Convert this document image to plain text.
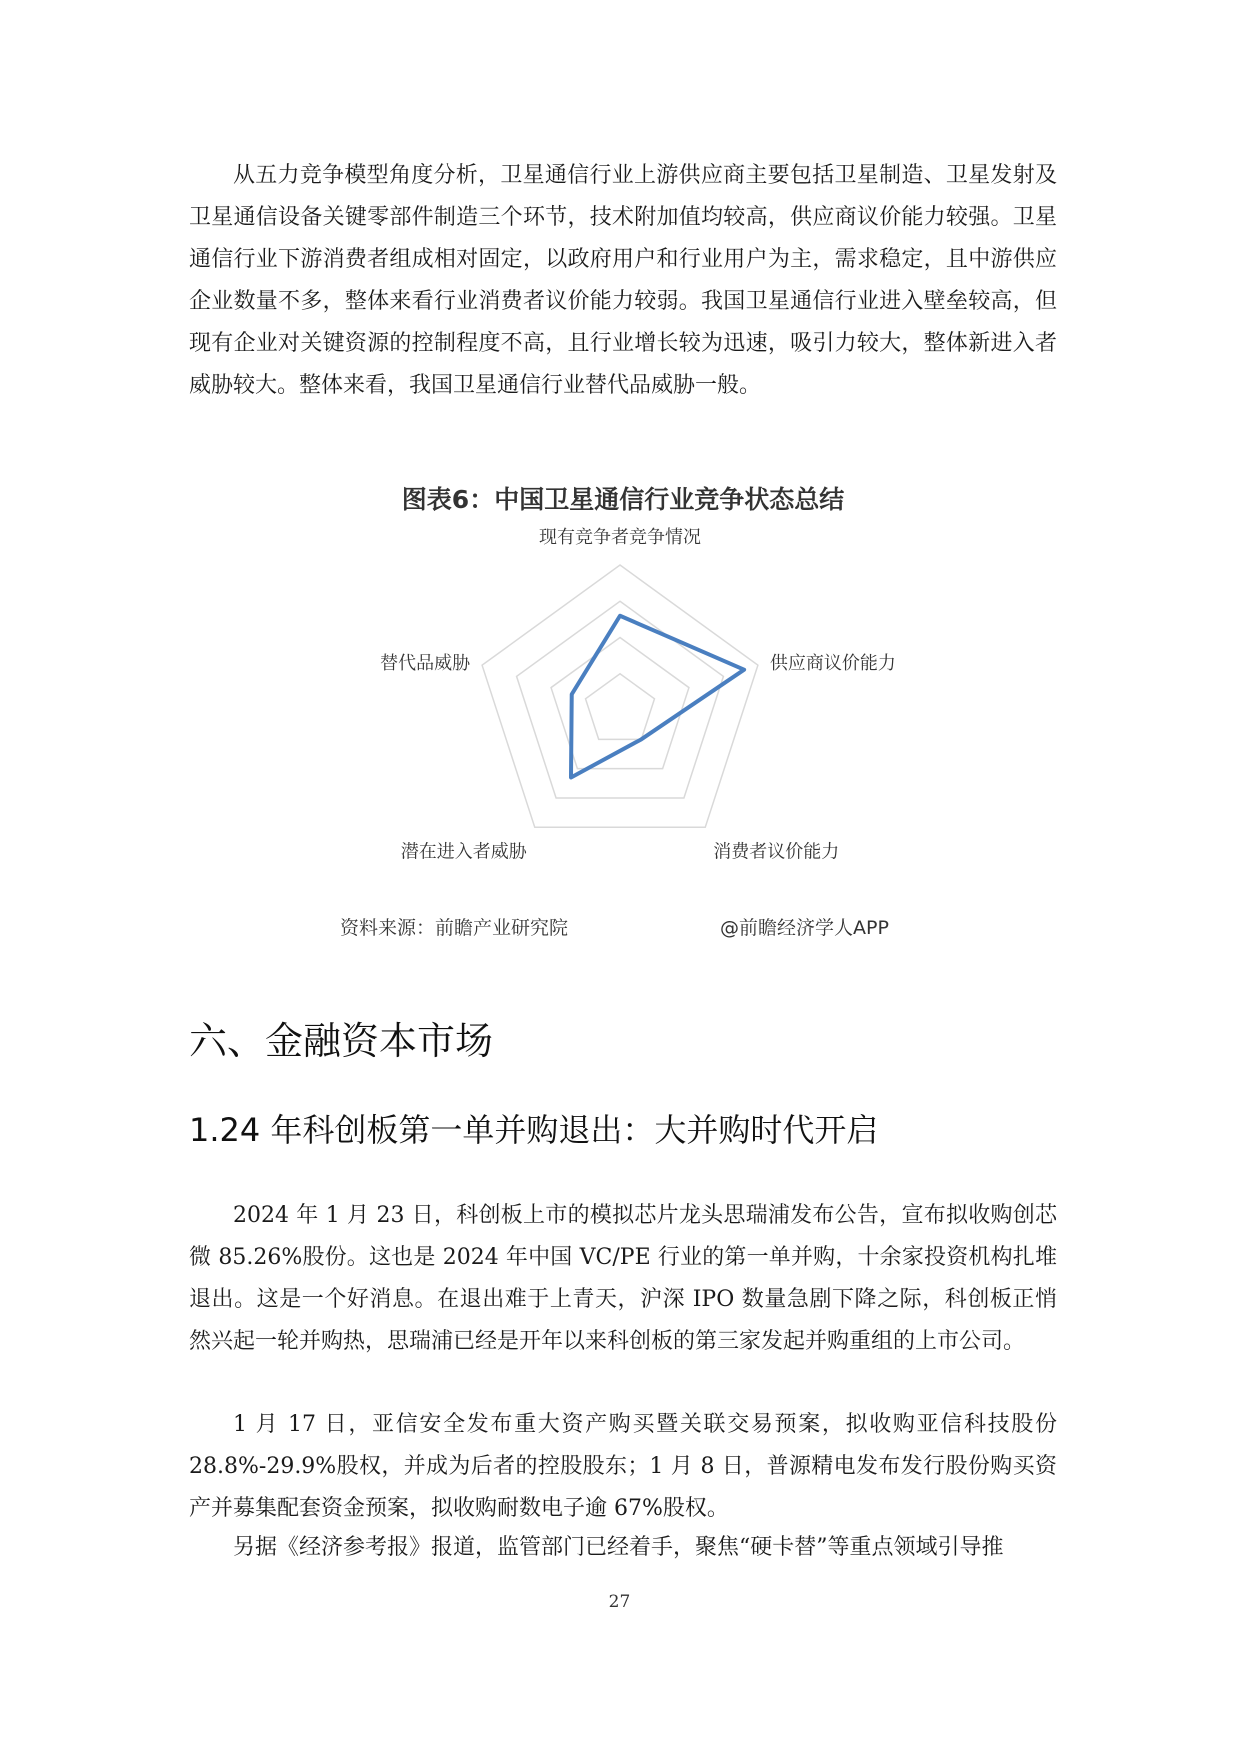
从五力竞争模型角度分析，卫星通信行业上游供应商主要包括卫星制造、卫星发射及卫星通信设备关键零部件制造三个环节，技术附加值均较高，供应商议价能力较强。卫星通信行业下游消费者组成相对固定，以政府用户和行业用户为主，需求稳定，且中游供应企业数量不多，整体来看行业消费者议价能力较弱。我国卫星通信行业进入壁垒较高，但现有企业对关键资源的控制程度不高，且行业增长较为迅速，吸引力较大，整体新进入者威胁较大。整体来看，我国卫星通信行业替代品威胁一般。

图表6：中国卫星通信行业竞争状态总结
现有竞争者竞争情况
供应商议价能力
消费者议价能力
潜在进入者威胁
替代品威胁
资料来源：前瞻产业研究院	@前瞻经济学人APP
六、金融资本市场
1.24 年科创板第一单并购退出：大并购时代开启

2024 年 1 月 23 日，科创板上市的模拟芯片龙头思瑞浦发布公告，宣布拟收购创芯微 85.26%股份。这也是 2024 年中国 VC/PE 行业的第一单并购，十余家投资机构扎堆退出。这是一个好消息。在退出难于上青天，沪深 IPO 数量急剧下降之际，科创板正悄然兴起一轮并购热，思瑞浦已经是开年以来科创板的第三家发起并购重组的上市公司。

1 月 17 日，亚信安全发布重大资产购买暨关联交易预案，拟收购亚信科技股份 28.8%-29.9%股权，并成为后者的控股股东；1 月 8 日，普源精电发布发行股份购买资产并募集配套资金预案，拟收购耐数电子逾 67%股权。

另据《经济参考报》报道，监管部门已经着手，聚焦“硬卡替”等重点领域引导推

27
